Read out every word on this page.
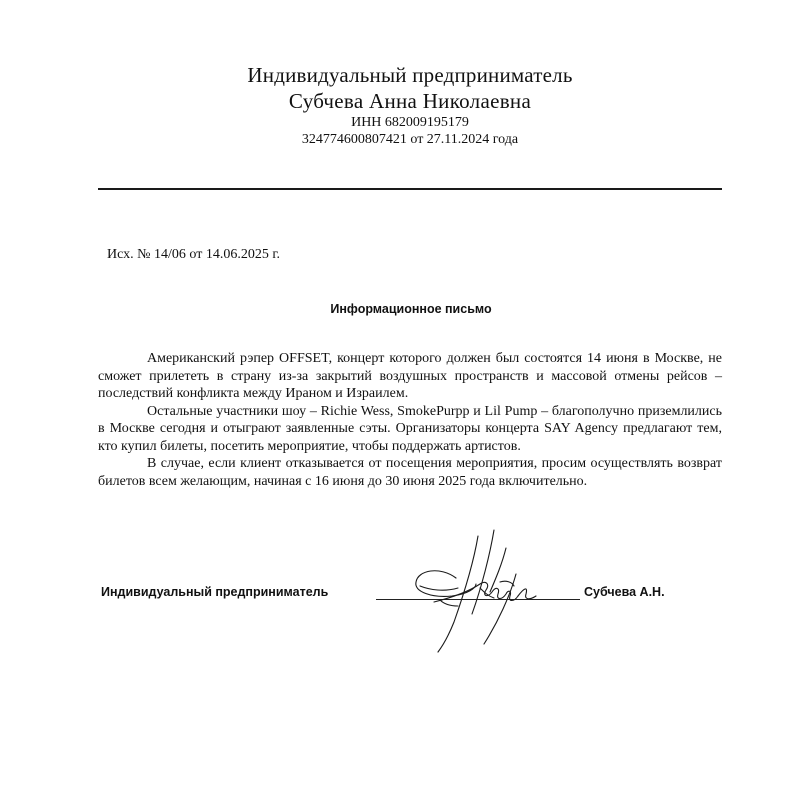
Индивидуальный предприниматель
Субчева Анна Николаевна
ИНН 682009195179
324774600807421 от 27.11.2024 года
Исх. № 14/06 от 14.06.2025 г.
Информационное письмо

Американский рэпер OFFSET, концерт которого должен был состоятся 14 июня в Москве, не сможет прилететь в страну из-за закрытий воздушных пространств и массовой отмены рейсов – последствий конфликта между Ираном и Израилем.

Остальные участники шоу – Richie Wess, SmokePurpp и Lil Pump – благополучно приземлились в Москве сегодня и отыграют заявленные сэты. Организаторы концерта SAY Agency предлагают тем, кто купил билеты, посетить мероприятие, чтобы поддержать артистов.

В случае, если клиент отказывается от посещения мероприятия, просим осуществлять возврат билетов всем желающим, начиная с 16 июня до 30 июня 2025 года включительно.

Индивидуальный предприниматель	Субчева А.Н.
